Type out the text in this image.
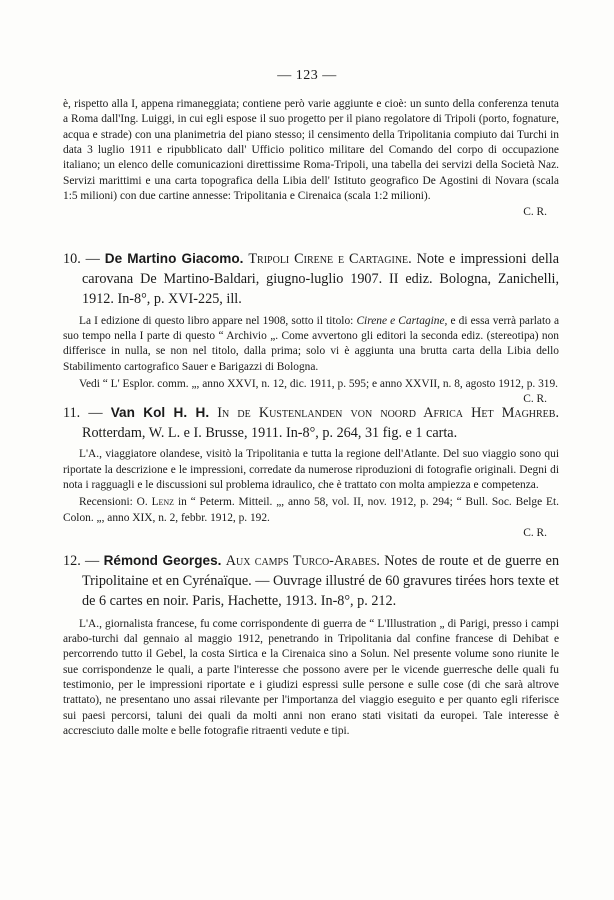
— 123 —

è, rispetto alla I, appena rimaneggiata; contiene però varie aggiunte e cioè: un sunto della conferenza tenuta a Roma dall'Ing. Luiggi, in cui egli espose il suo progetto per il piano regolatore di Tripoli (porto, fognature, acqua e strade) con una planimetria del piano stesso; il censimento della Tripolitania compiuto dai Turchi in data 3 luglio 1911 e ripubblicato dall' Ufficio politico militare del Comando del corpo di occupazione italiano; un elenco delle comunicazioni direttissime Roma-Tripoli, una tabella dei servizi della Società Naz. Servizi marittimi e una carta topografica della Libia dell' Istituto geografico De Agostini di Novara (scala 1:5 milioni) con due cartine annesse: Tripolitania e Cirenaica (scala 1:2 milioni).

C. R.

10. — De Martino Giacomo. Tripoli Cirene e Cartagine. Note e impressioni della carovana De Martino-Baldari, giugno-luglio 1907. II ediz. Bologna, Zanichelli, 1912. In-8°, p. XVI-225, ill.

La I edizione di questo libro appare nel 1908, sotto il titolo: Cirene e Cartagine, e di essa verrà parlato a suo tempo nella I parte di questo “ Archivio „. Come avvertono gli editori la seconda ediz. (stereotipa) non differisce in nulla, se non nel titolo, dalla prima; solo vi è aggiunta una brutta carta della Libia dello Stabilimento cartografico Sauer e Barigazzi di Bologna.

Vedi “ L' Esplor. comm. „, anno XXVI, n. 12, dic. 1911, p. 595; e anno XXVII, n. 8, agosto 1912, p. 319.

C. R.

11. — Van Kol H. H. In de Kustenlanden von noord Africa Het Maghreb. Rotterdam, W. L. e I. Brusse, 1911. In-8°, p. 264, 31 fig. e 1 carta.

L'A., viaggiatore olandese, visitò la Tripolitania e tutta la regione dell'Atlante. Del suo viaggio sono qui riportate la descrizione e le impressioni, corredate da numerose riproduzioni di fotografie originali. Degni di nota i ragguagli e le discussioni sul problema idraulico, che è trattato con molta ampiezza e competenza.

Recensioni: O. Lenz in “ Peterm. Mitteil. „, anno 58, vol. II, nov. 1912, p. 294; “ Bull. Soc. Belge Et. Colon. „, anno XIX, n. 2, febbr. 1912, p. 192.

C. R.

12. — Rémond Georges. Aux camps Turco-Arabes. Notes de route et de guerre en Tripolitaine et en Cyrénaïque. — Ouvrage illustré de 60 gravures tirées hors texte et de 6 cartes en noir. Paris, Hachette, 1913. In-8°, p. 212.

L'A., giornalista francese, fu come corrispondente di guerra de “ L'Illustration „ di Parigi, presso i campi arabo-turchi dal gennaio al maggio 1912, penetrando in Tripolitania dal confine francese di Dehibat e percorrendo tutto il Gebel, la costa Sirtica e la Cirenaica sino a Solun. Nel presente volume sono riunite le sue corrispondenze le quali, a parte l'interesse che possono avere per le vicende guerresche delle quali fu testimonio, per le impressioni riportate e i giudizi espressi sulle persone e sulle cose (di che sarà altrove trattato), ne presentano uno assai rilevante per l'importanza del viaggio eseguito e per quanto egli riferisce sui paesi percorsi, taluni dei quali da molti anni non erano stati visitati da europei. Tale interesse è accresciuto dalle molte e belle fotografie ritraenti vedute e tipi.
